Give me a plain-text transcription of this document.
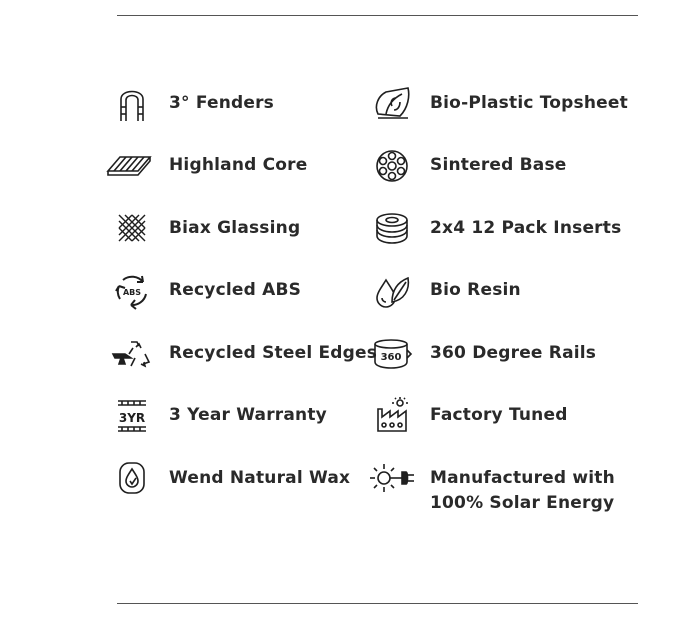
3° Fenders
Highland Core
Biax Glassing
ABS Recycled ABS
Recycled Steel Edges
3YR 3 Year Warranty
Wend Natural Wax
Bio-Plastic Topsheet
Sintered Base
2x4 12 Pack Inserts
Bio Resin
360 360 Degree Rails
Factory Tuned
Manufactured with
100% Solar Energy
